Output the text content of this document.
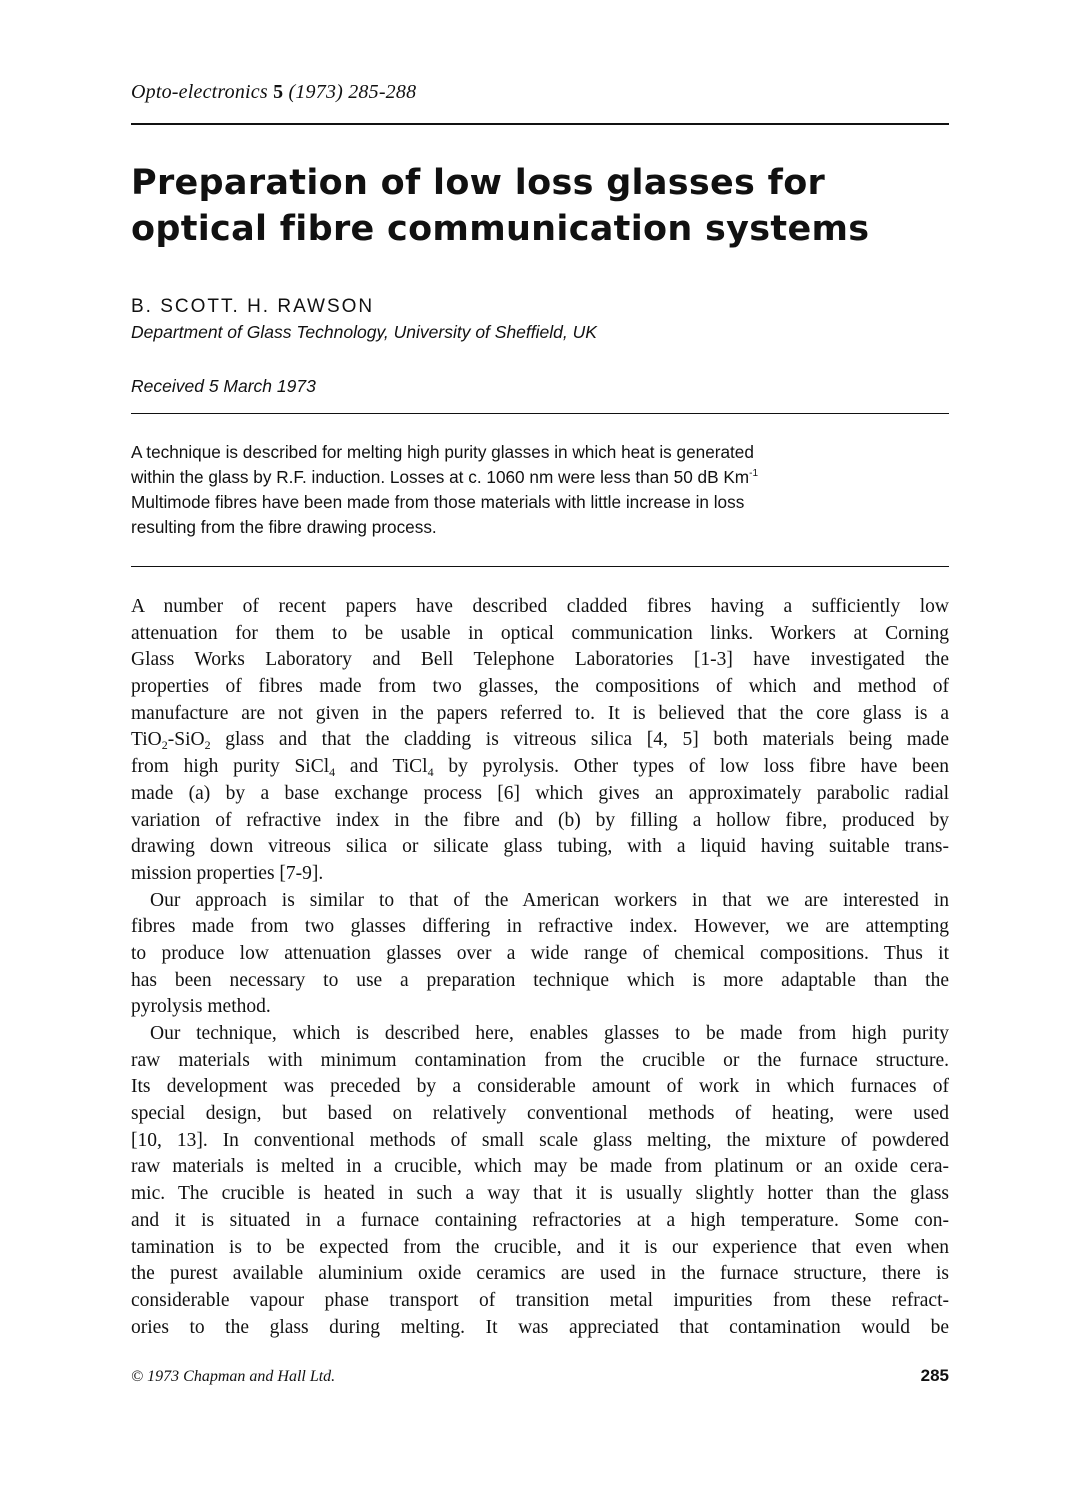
Opto-electronics 5 (1973) 285-288
Preparation of low loss glasses for
optical fibre communication systems
B. SCOTT. H. RAWSON
Department of Glass Technology, University of Sheffield, UK
Received 5 March 1973
A technique is described for melting high purity glasses in which heat is generated
within the glass by R.F. induction. Losses at c. 1060 nm were less than 50 dB $Km^{-1}$
Multimode fibres have been made from those materials with little increase in loss
resulting from the fibre drawing process.
A number of recent papers have described cladded fibres having a sufficiently low
attenuation for them to be usable in optical communication links. Workers at Corning
Glass Works Laboratory and Bell Telephone Laboratories [1-3] have investigated the
properties of fibres made from two glasses, the compositions of which and method of
manufacture are not given in the papers referred to. It is believed that the core glass is a
TiO$_2$-SiO$_2$ glass and that the cladding is vitreous silica [4, 5] both materials being made
from high purity SiCl$_4$ and TiCl$_4$ by pyrolysis. Other types of low loss fibre have been
made (a) by a base exchange process [6] which gives an approximately parabolic radial
variation of refractive index in the fibre and (b) by filling a hollow fibre, produced by
drawing down vitreous silica or silicate glass tubing, with a liquid having suitable trans-
mission properties [7-9].
Our approach is similar to that of the American workers in that we are interested in
fibres made from two glasses differing in refractive index. However, we are attempting
to produce low attenuation glasses over a wide range of chemical compositions. Thus it
has been necessary to use a preparation technique which is more adaptable than the
pyrolysis method.
Our technique, which is described here, enables glasses to be made from high purity
raw materials with minimum contamination from the crucible or the furnace structure.
Its development was preceded by a considerable amount of work in which furnaces of
special design, but based on relatively conventional methods of heating, were used
[10, 13]. In conventional methods of small scale glass melting, the mixture of powdered
raw materials is melted in a crucible, which may be made from platinum or an oxide cera-
mic. The crucible is heated in such a way that it is usually slightly hotter than the glass
and it is situated in a furnace containing refractories at a high temperature. Some con-
tamination is to be expected from the crucible, and it is our experience that even when
the purest available aluminium oxide ceramics are used in the furnace structure, there is
considerable vapour phase transport of transition metal impurities from these refract-
ories to the glass during melting. It was appreciated that contamination would be
© 1973 Chapman and Hall Ltd.	285
